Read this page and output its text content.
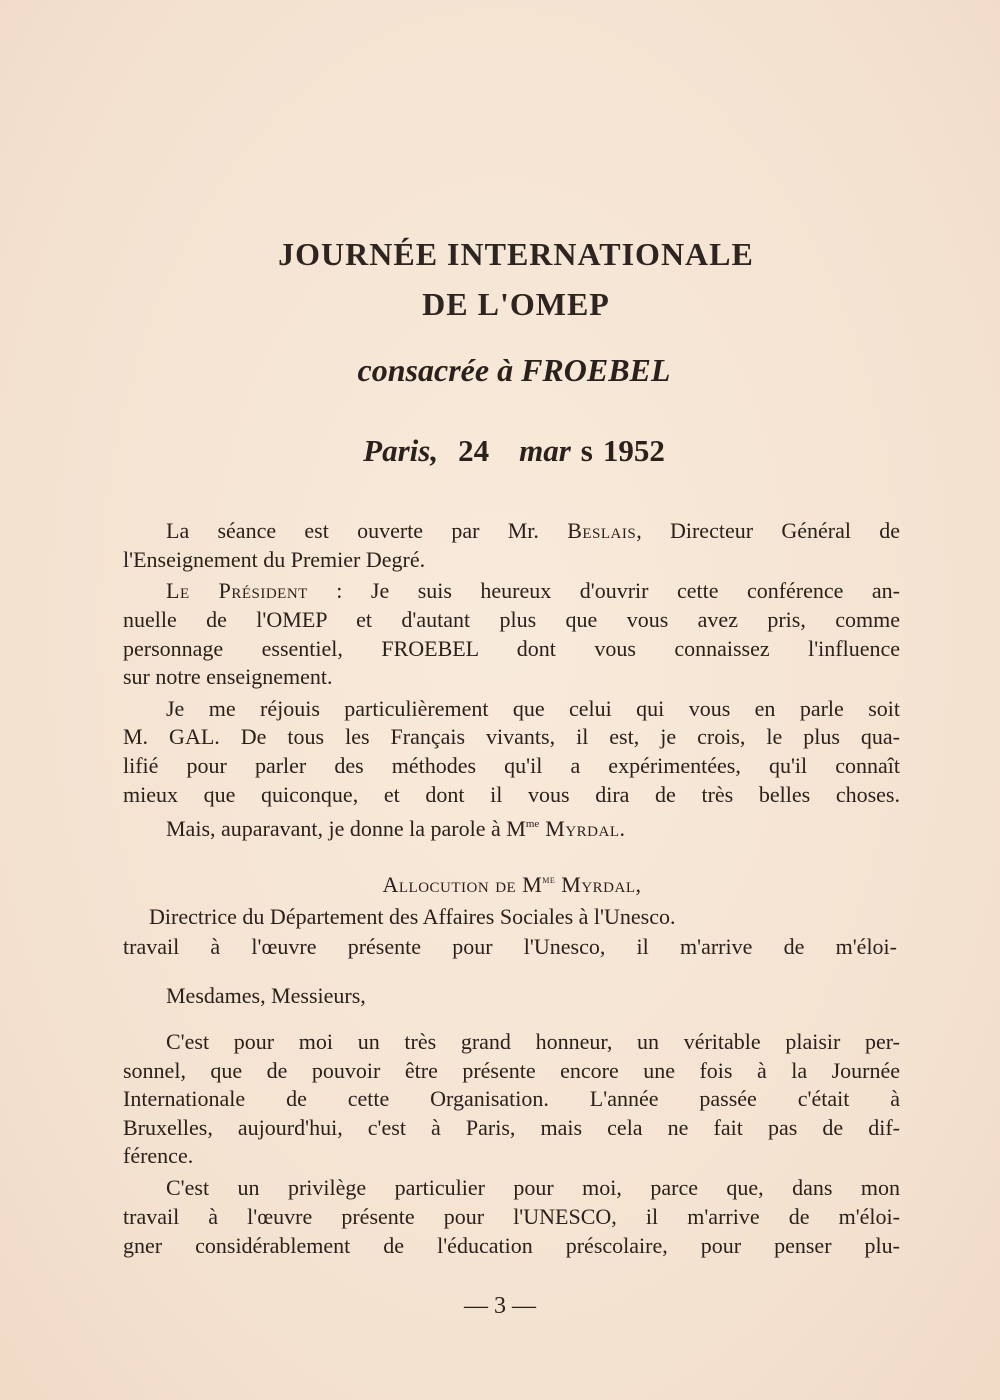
JOURNÉE INTERNATIONALE
DE L'OMEP
consacrée à FROEBEL
Paris, 24 mar s 1952
La séance est ouverte par Mr. Beslais, Directeur Général de
l'Enseignement du Premier Degré.
Le Président : Je suis heureux d'ouvrir cette conférence an-
nuelle de l'OMEP et d'autant plus que vous avez pris, comme
personnage essentiel, FROEBEL dont vous connaissez l'influence
sur notre enseignement.
Je me réjouis particulièrement que celui qui vous en parle soit
M. GAL. De tous les Français vivants, il est, je crois, le plus qua-
lifié pour parler des méthodes qu'il a expérimentées, qu'il connaît
mieux que quiconque, et dont il vous dira de très belles choses.
Mais, auparavant, je donne la parole à $M^{me}$ Myrdal.
Allocution de $M^{me}$ Myrdal,
Directrice du Département des Affaires Sociales à l'Unesco.
travail à l'œuvre présente pour l'Unesco, il m'arrive de m'éloi-
Mesdames, Messieurs,
C'est pour moi un très grand honneur, un véritable plaisir per-
sonnel, que de pouvoir être présente encore une fois à la Journée
Internationale de cette Organisation. L'année passée c'était à
Bruxelles, aujourd'hui, c'est à Paris, mais cela ne fait pas de dif-
férence.
C'est un privilège particulier pour moi, parce que, dans mon
travail à l'œuvre présente pour l'UNESCO, il m'arrive de m'éloi-
gner considérablement de l'éducation préscolaire, pour penser plu-
— 3 —
